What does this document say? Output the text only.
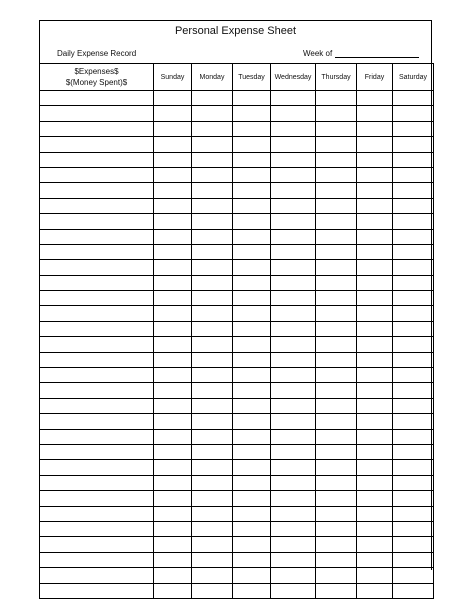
Personal Expense Sheet
Daily Expense Record	Week of
$Expenses$
$(Money Spent)$	Sunday	Monday	Tuesday	Wednesday	Thursday	Friday	Saturday
